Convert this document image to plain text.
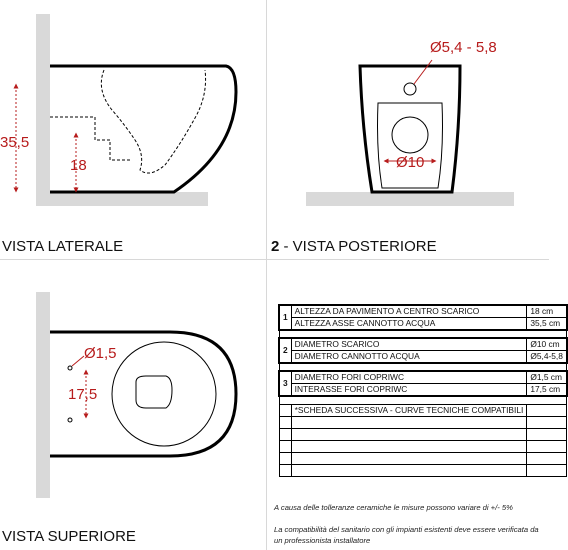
35,5
18
Ø5,4 - 5,8
Ø10
Ø1,5
17,5
VISTA LATERALE	2 - VISTA POSTERIORE
VISTA SUPERIORE
1	ALTEZZA DA PAVIMENTO A CENTRO SCARICO	18 cm
	ALTEZZA ASSE CANNOTTO ACQUA	35,5 cm

2	DIAMETRO SCARICO	Ø10 cm
	DIAMETRO CANNOTTO ACQUA	Ø5,4-5,8

3	DIAMETRO FORI COPRIWC	Ø1,5 cm
	INTERASSE FORI COPRIWC	17,5 cm

	*SCHEDA SUCCESSIVA - CURVE TECNICHE COMPATIBILI	

A causa delle tolleranze ceramiche le misure possono variare di +/- 5%
La compatibilità del sanitario con gli impianti esistenti deve essere verificata da un professionista installatore
